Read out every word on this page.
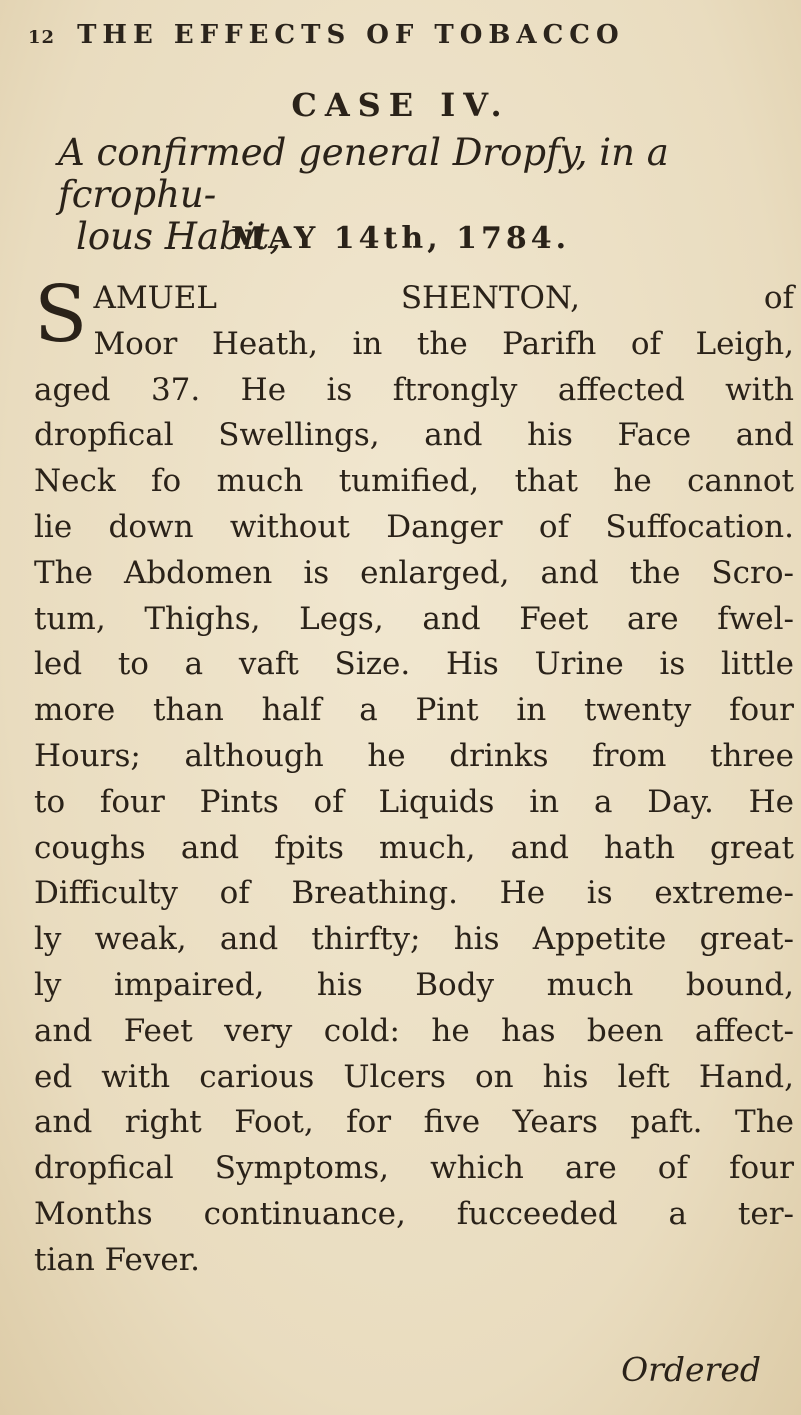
12 THE EFFECTS OF TOBACCO
CASE IV.
A confirmed general Dropfy, in a fcrophu-
lous Habit,
MAY 14th, 1784.
S AMUEL SHENTON, of
Moor Heath, in the Parifh of Leigh,
aged 37. He is ftrongly affected with
dropfical Swellings, and his Face and
Neck fo much tumified, that he cannot
lie down without Danger of Suffocation.
The Abdomen is enlarged, and the Scro-
tum, Thighs, Legs, and Feet are fwel-
led to a vaft Size. His Urine is little
more than half a Pint in twenty four
Hours; although he drinks from three
to four Pints of Liquids in a Day. He
coughs and fpits much, and hath great
Difficulty of Breathing. He is extreme-
ly weak, and thirfty; his Appetite great-
ly impaired, his Body much bound,
and Feet very cold: he has been affect-
ed with carious Ulcers on his left Hand,
and right Foot, for five Years paft. The
dropfical Symptoms, which are of four
Months continuance, fucceeded a ter-
tian Fever.
Ordered
